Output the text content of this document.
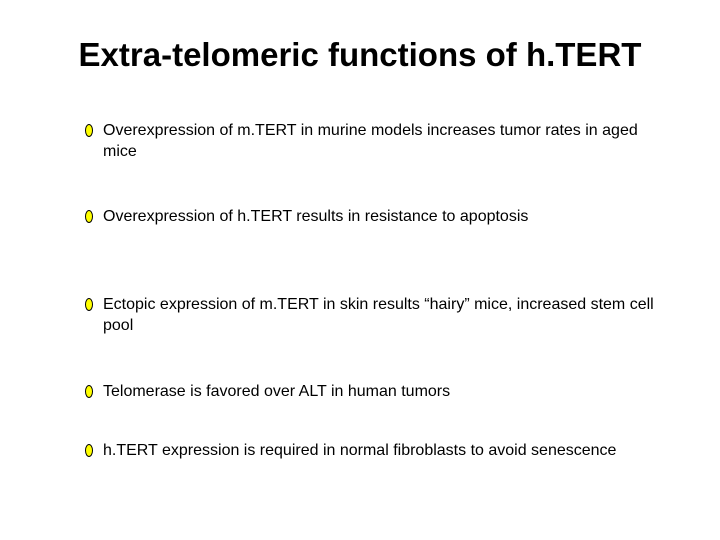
Extra-telomeric functions of h.TERT
Overexpression of m.TERT in murine models increases tumor rates in aged mice
Overexpression of h.TERT results in resistance to apoptosis
Ectopic expression of m.TERT in skin results “hairy” mice, increased stem cell pool
Telomerase is favored over ALT in human tumors
h.TERT expression is required in normal fibroblasts to avoid senescence
